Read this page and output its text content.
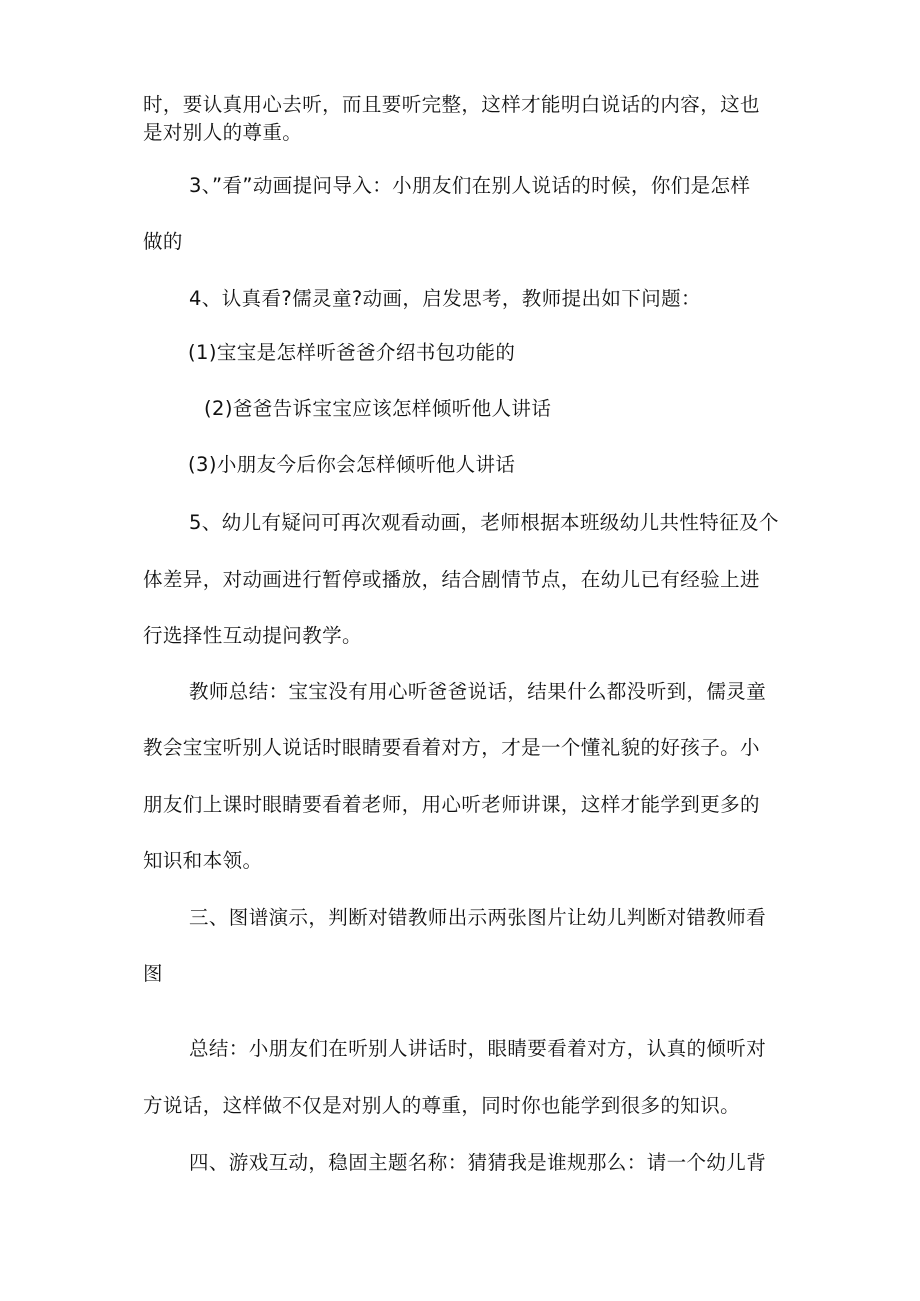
时，要认真用心去听，而且要听完整，这样才能明白说话的内容，这也
是对别人的尊重。
3、”看”动画提问导入：小朋友们在别人说话的时候，你们是怎样
做的
4、认真看?儒灵童?动画，启发思考，教师提出如下问题：
(1)宝宝是怎样听爸爸介绍书包功能的
(2)爸爸告诉宝宝应该怎样倾听他人讲话
(3)小朋友今后你会怎样倾听他人讲话
5、幼儿有疑问可再次观看动画，老师根据本班级幼儿共性特征及个
体差异，对动画进行暂停或播放，结合剧情节点，在幼儿已有经验上进
行选择性互动提问教学。
教师总结：宝宝没有用心听爸爸说话，结果什么都没听到，儒灵童
教会宝宝听别人说话时眼睛要看着对方，才是一个懂礼貌的好孩子。小
朋友们上课时眼睛要看着老师，用心听老师讲课，这样才能学到更多的
知识和本领。
三、图谱演示，判断对错教师出示两张图片让幼儿判断对错教师看
图
总结：小朋友们在听别人讲话时，眼睛要看着对方，认真的倾听对
方说话，这样做不仅是对别人的尊重，同时你也能学到很多的知识。
四、游戏互动，稳固主题名称：猜猜我是谁规那么：请一个幼儿背
